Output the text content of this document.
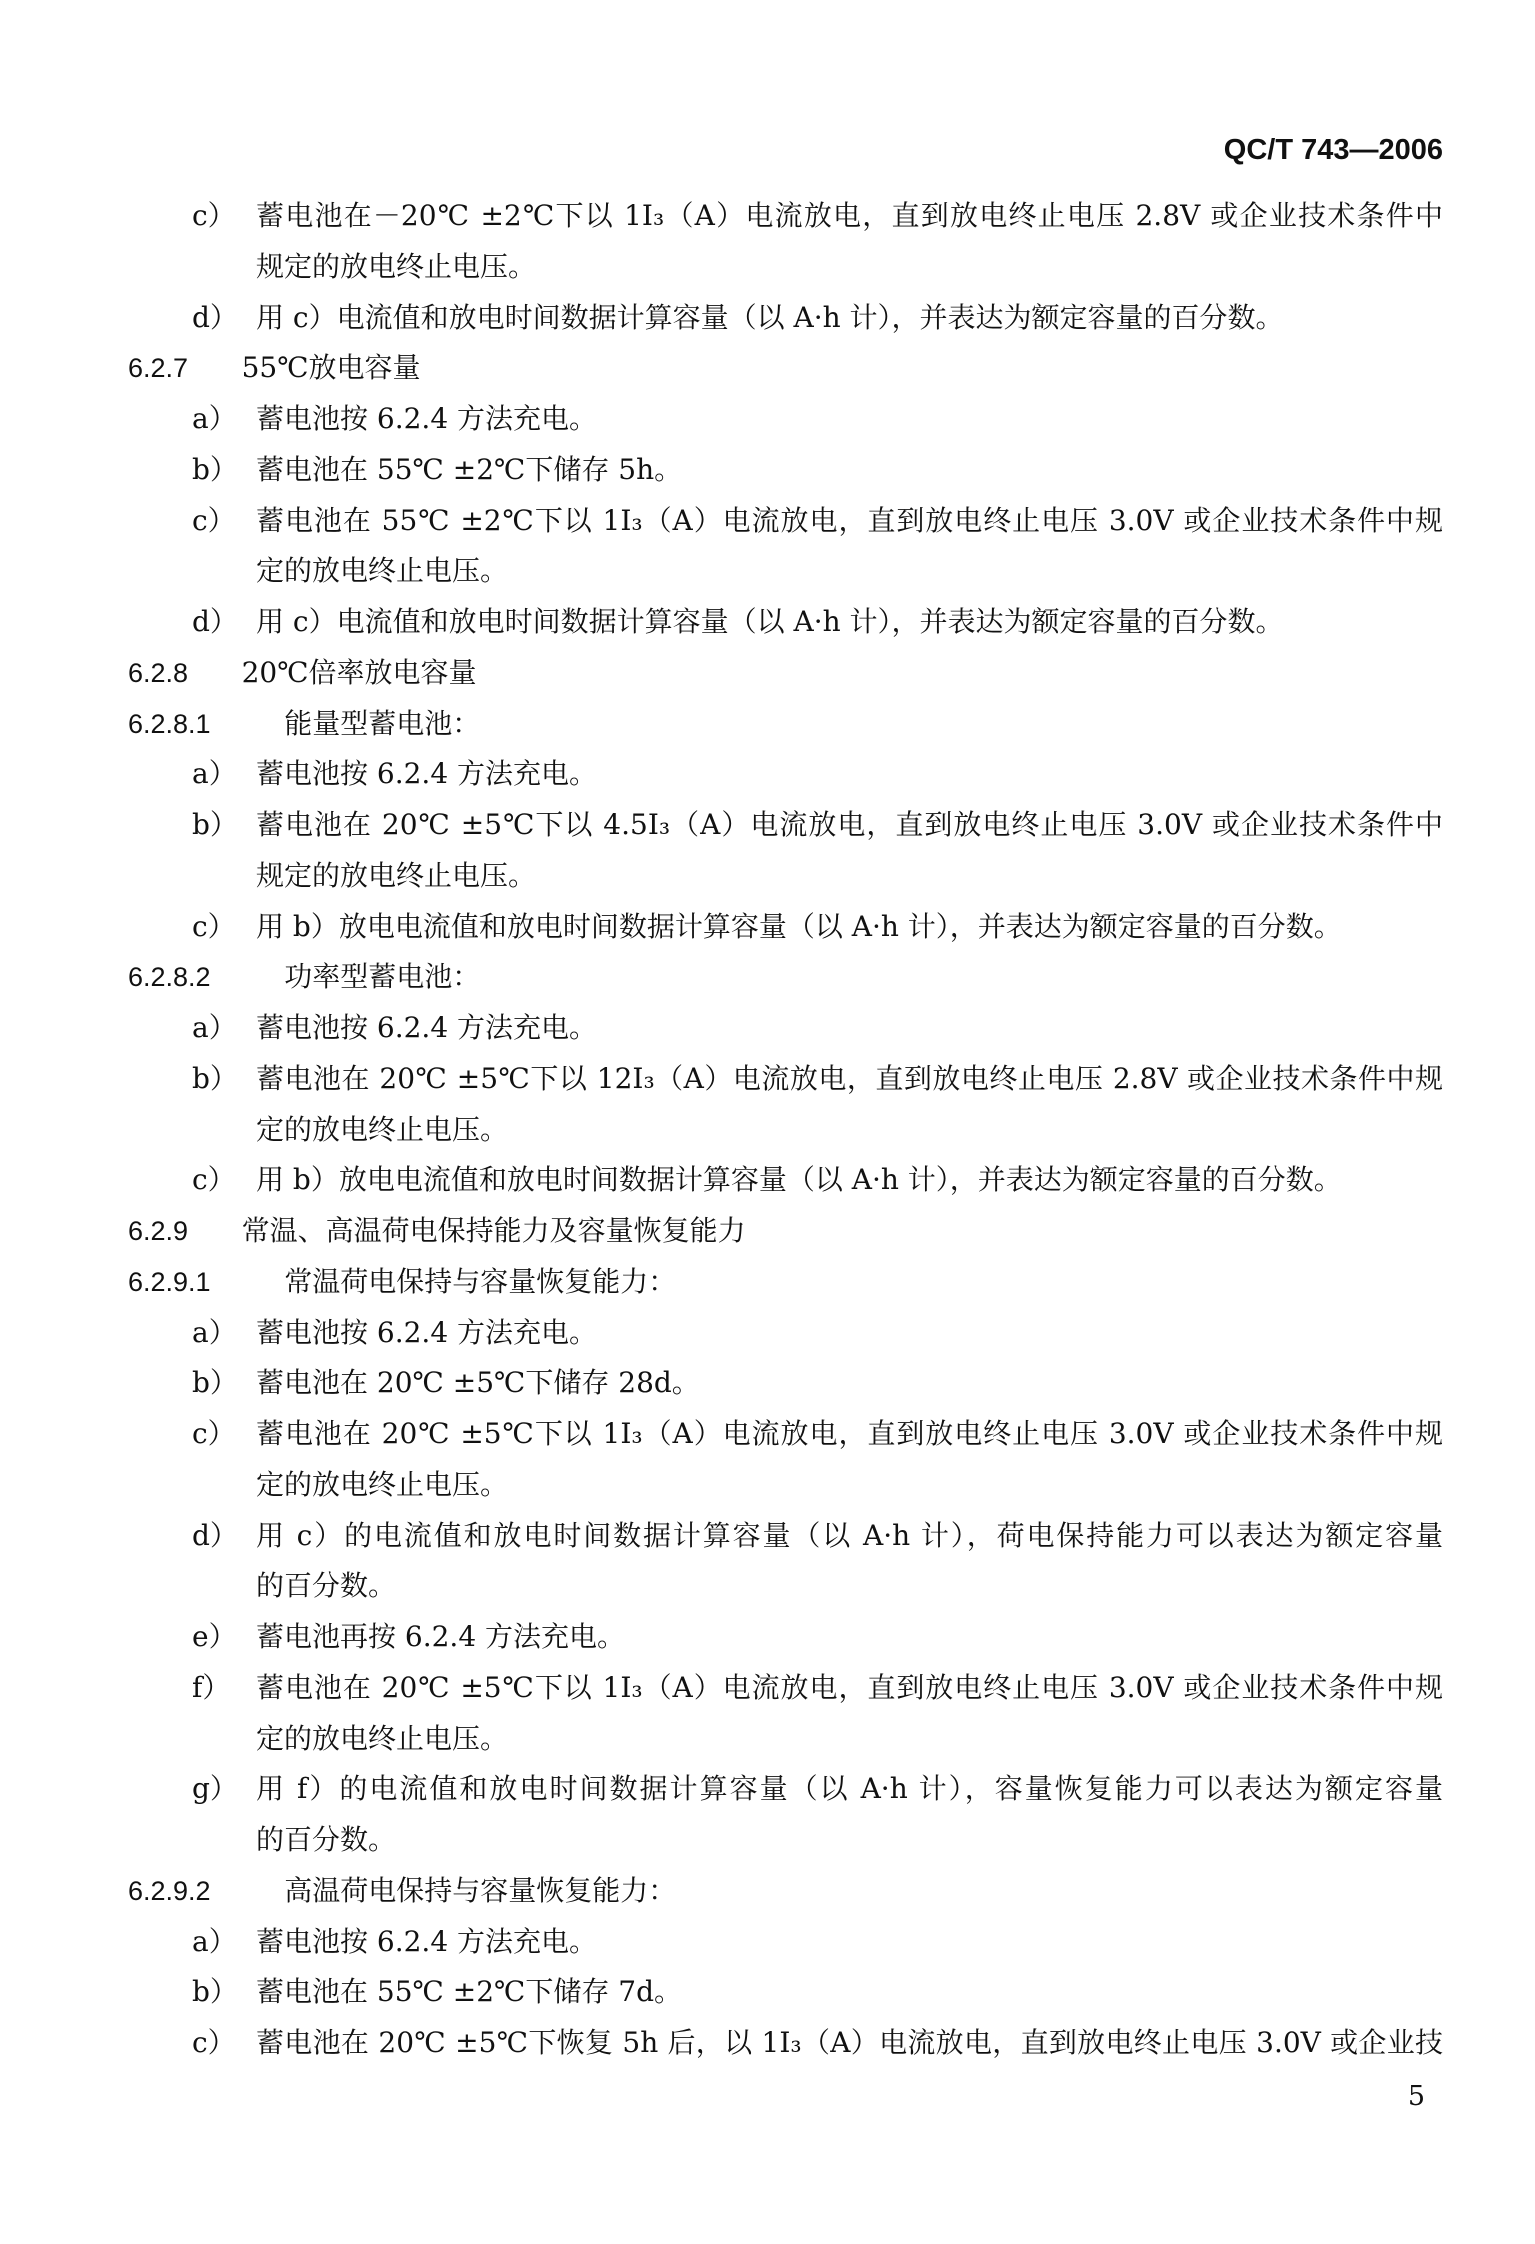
QC/T 743—2006
c） 蓄电池在－20℃ ±2℃下以 1I₃（A）电流放电，直到放电终止电压 2.8V 或企业技术条件中
规定的放电终止电压。
d） 用 c）电流值和放电时间数据计算容量（以 A·h 计），并表达为额定容量的百分数。
6.2.7 55℃放电容量
a） 蓄电池按 6.2.4 方法充电。
b） 蓄电池在 55℃ ±2℃下储存 5h。
c） 蓄电池在 55℃ ±2℃下以 1I₃（A）电流放电，直到放电终止电压 3.0V 或企业技术条件中规
定的放电终止电压。
d） 用 c）电流值和放电时间数据计算容量（以 A·h 计），并表达为额定容量的百分数。
6.2.8 20℃倍率放电容量
6.2.8.1	能量型蓄电池：
a） 蓄电池按 6.2.4 方法充电。
b） 蓄电池在 20℃ ±5℃下以 4.5I₃（A）电流放电，直到放电终止电压 3.0V 或企业技术条件中
规定的放电终止电压。
c） 用 b）放电电流值和放电时间数据计算容量（以 A·h 计），并表达为额定容量的百分数。
6.2.8.2	功率型蓄电池：
a） 蓄电池按 6.2.4 方法充电。
b） 蓄电池在 20℃ ±5℃下以 12I₃（A）电流放电，直到放电终止电压 2.8V 或企业技术条件中规
定的放电终止电压。
c） 用 b）放电电流值和放电时间数据计算容量（以 A·h 计），并表达为额定容量的百分数。
6.2.9 常温、高温荷电保持能力及容量恢复能力
6.2.9.1	常温荷电保持与容量恢复能力：
a） 蓄电池按 6.2.4 方法充电。
b） 蓄电池在 20℃ ±5℃下储存 28d。
c） 蓄电池在 20℃ ±5℃下以 1I₃（A）电流放电，直到放电终止电压 3.0V 或企业技术条件中规
定的放电终止电压。
d） 用 c）的电流值和放电时间数据计算容量（以 A·h 计），荷电保持能力可以表达为额定容量
的百分数。
e） 蓄电池再按 6.2.4 方法充电。
f） 蓄电池在 20℃ ±5℃下以 1I₃（A）电流放电，直到放电终止电压 3.0V 或企业技术条件中规
定的放电终止电压。
g） 用 f）的电流值和放电时间数据计算容量（以 A·h 计），容量恢复能力可以表达为额定容量
的百分数。
6.2.9.2	高温荷电保持与容量恢复能力：
a） 蓄电池按 6.2.4 方法充电。
b） 蓄电池在 55℃ ±2℃下储存 7d。
c） 蓄电池在 20℃ ±5℃下恢复 5h 后，以 1I₃（A）电流放电，直到放电终止电压 3.0V 或企业技
5
